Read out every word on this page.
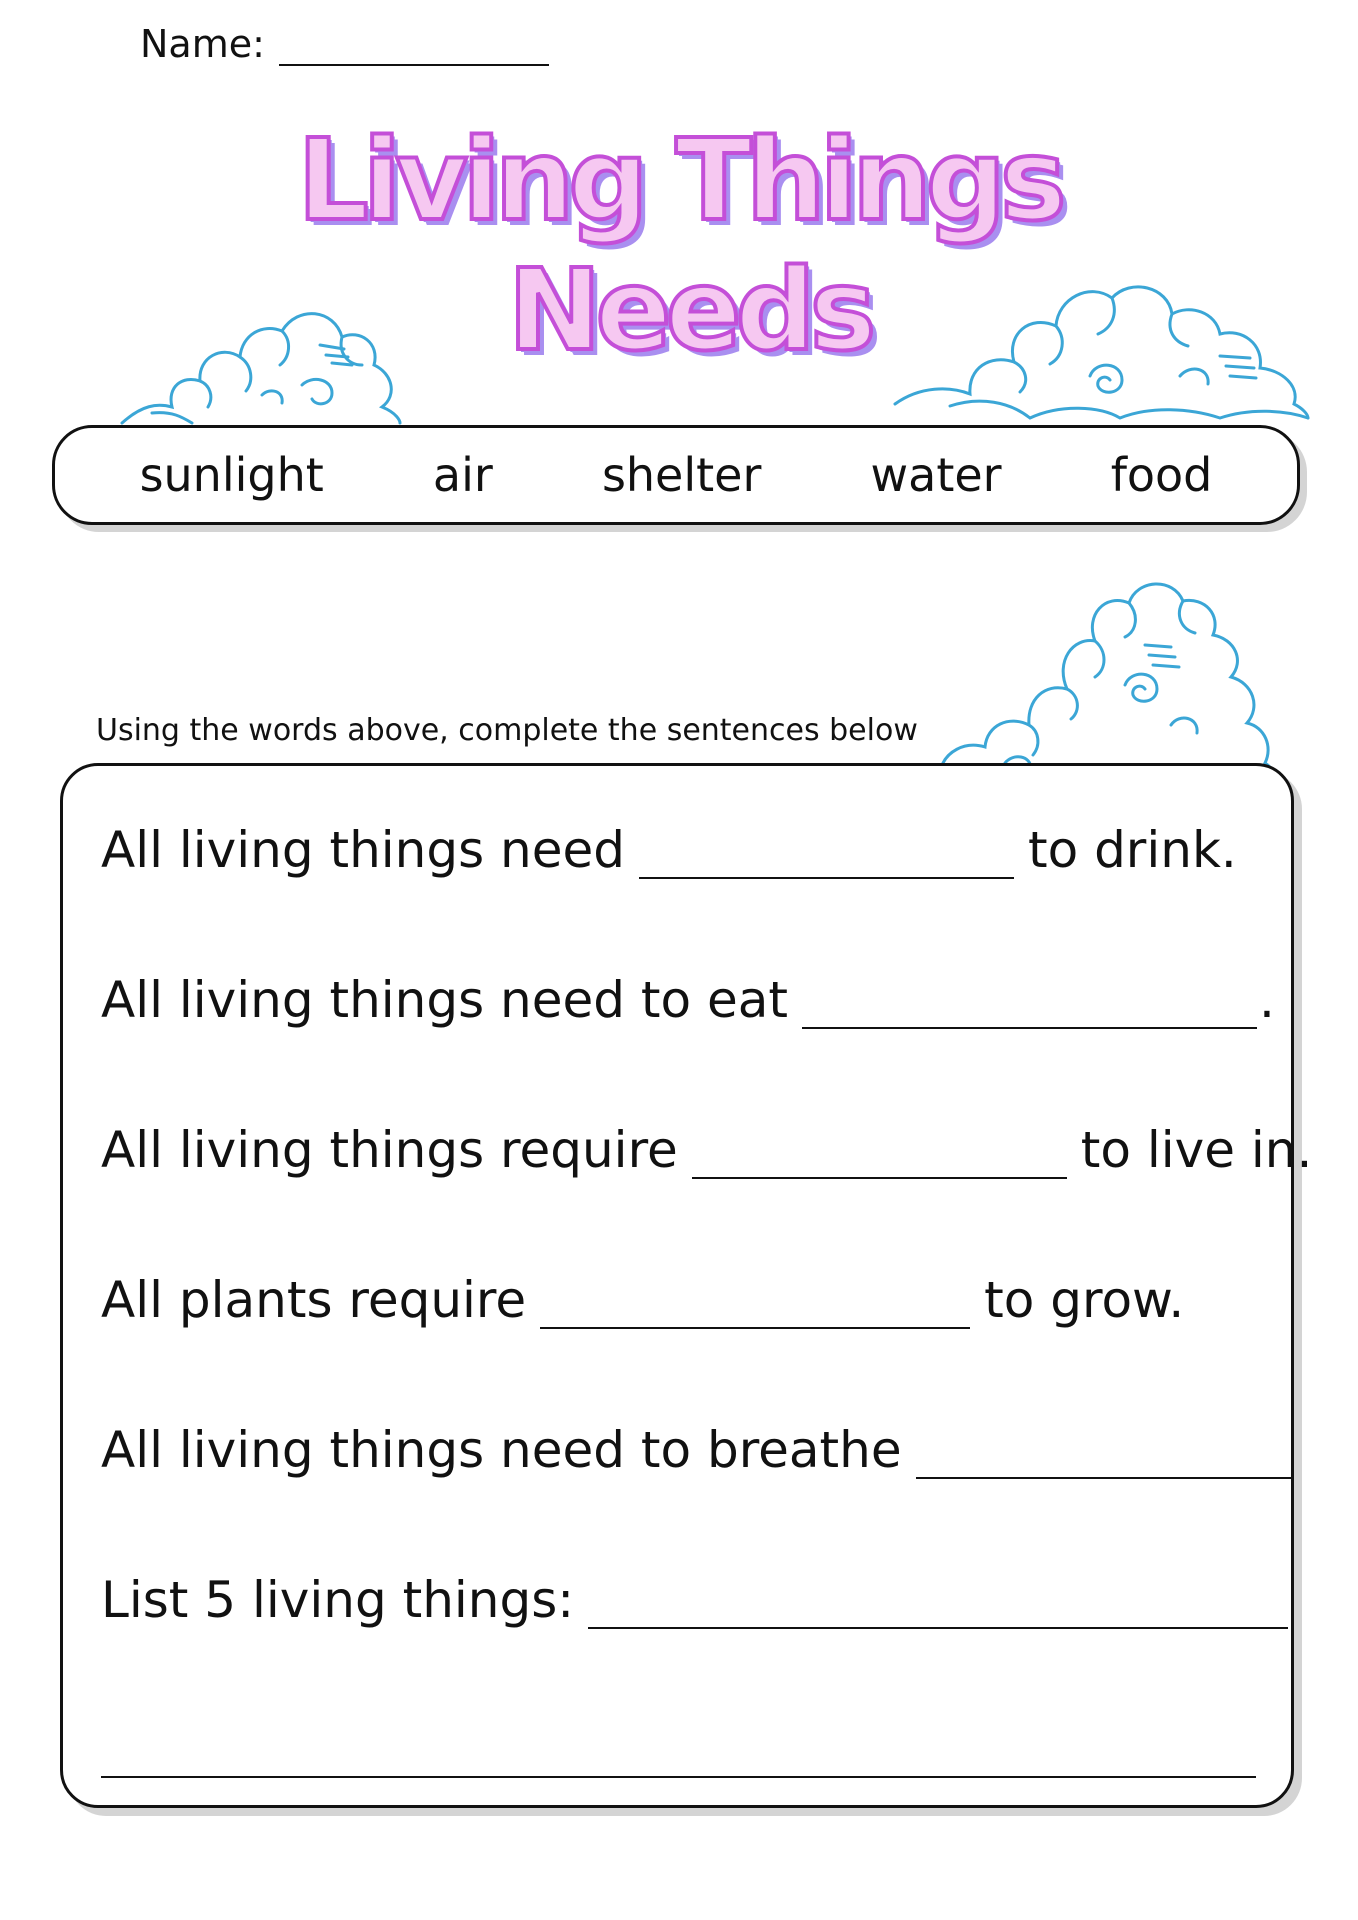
Name:
Living Things
Needs
sunlight air shelter water food
Using the words above, complete the sentences below
All living things need	to drink.
All living things need to eat	.
All living things require	to live in.
All plants require	to grow.
All living things need to breathe
List 5 living things:
